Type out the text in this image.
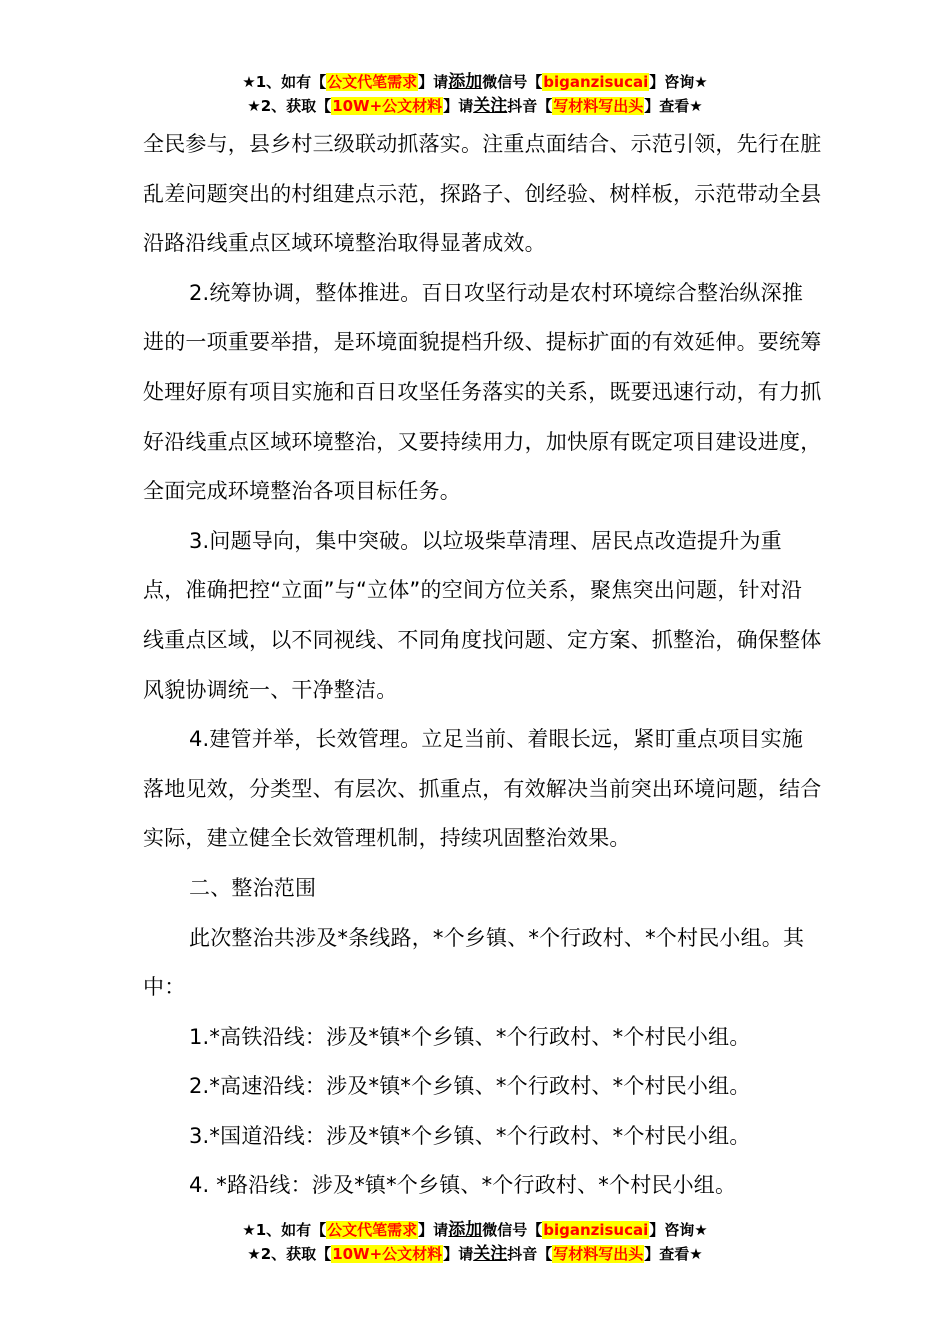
★1、如有【公文代笔需求】请添加微信号【biganzisucai】咨询★
★2、获取【10W+公文材料】请关注抖音【写材料写出头】查看★

全民参与，县乡村三级联动抓落实。注重点面结合、示范引领，先行在脏乱差问题突出的村组建点示范，探路子、创经验、树样板，示范带动全县沿路沿线重点区域环境整治取得显著成效。

2.统筹协调，整体推进。百日攻坚行动是农村环境综合整治纵深推进的一项重要举措，是环境面貌提档升级、提标扩面的有效延伸。要统筹处理好原有项目实施和百日攻坚任务落实的关系，既要迅速行动，有力抓好沿线重点区域环境整治，又要持续用力，加快原有既定项目建设进度，全面完成环境整治各项目标任务。

3.问题导向，集中突破。以垃圾柴草清理、居民点改造提升为重点，准确把控“立面”与“立体”的空间方位关系，聚焦突出问题，针对沿线重点区域，以不同视线、不同角度找问题、定方案、抓整治，确保整体风貌协调统一、干净整洁。

4.建管并举，长效管理。立足当前、着眼长远，紧盯重点项目实施落地见效，分类型、有层次、抓重点，有效解决当前突出环境问题，结合实际，建立健全长效管理机制，持续巩固整治效果。

二、整治范围

此次整治共涉及*条线路，*个乡镇、*个行政村、*个村民小组。其中：

1.*高铁沿线：涉及*镇*个乡镇、*个行政村、*个村民小组。

2.*高速沿线：涉及*镇*个乡镇、*个行政村、*个村民小组。

3.*国道沿线：涉及*镇*个乡镇、*个行政村、*个村民小组。

4. *路沿线：涉及*镇*个乡镇、*个行政村、*个村民小组。

★1、如有【公文代笔需求】请添加微信号【biganzisucai】咨询★
★2、获取【10W+公文材料】请关注抖音【写材料写出头】查看★
